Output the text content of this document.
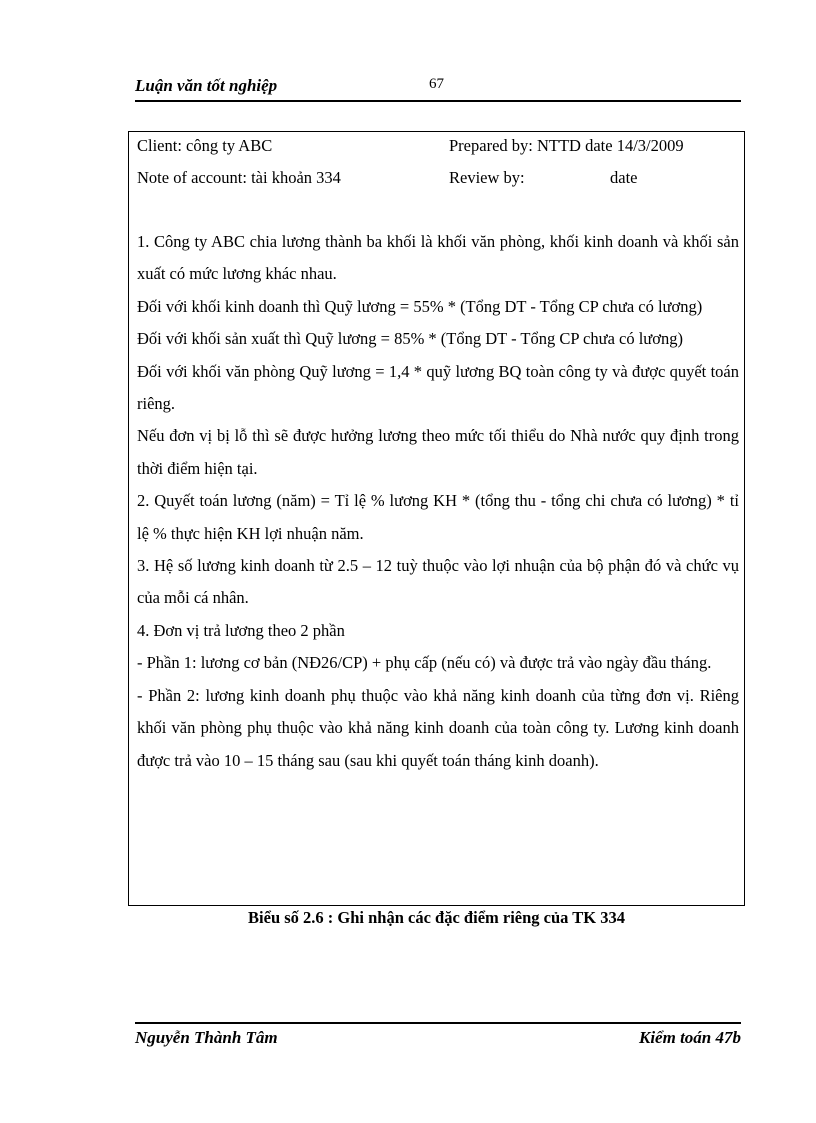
Luận văn tốt nghiệp	67
Client: công ty ABC	Prepared by: NTTD date 14/3/2009
Note of account: tài khoản 334	Review by:	date

1. Công ty ABC chia lương thành ba khối là khối văn phòng, khối kinh doanh và khối sản xuất có mức lương khác nhau.

Đối với khối kinh doanh thì Quỹ lương = 55% * (Tổng DT - Tổng CP chưa có lương)

Đối với khối sản xuất thì Quỹ lương = 85% * (Tổng DT - Tổng CP chưa có lương)

Đối với khối văn phòng Quỹ lương = 1,4 * quỹ lương BQ toàn công ty và được quyết toán riêng.

Nếu đơn vị bị lỗ thì sẽ được hưởng lương theo mức tối thiểu do Nhà nước quy định trong thời điểm hiện tại.

2. Quyết toán lương (năm) = Tỉ lệ % lương KH * (tổng thu - tổng chi chưa có lương) * tỉ lệ % thực hiện KH lợi nhuận năm.

3. Hệ số lương kinh doanh từ 2.5 – 12 tuỳ thuộc vào lợi nhuận của bộ phận đó và chức vụ của mỗi cá nhân.

4. Đơn vị trả lương theo 2 phần

- Phần 1: lương cơ bản (NĐ26/CP) + phụ cấp (nếu có) và được trả vào ngày đầu tháng.

- Phần 2: lương kinh doanh phụ thuộc vào khả năng kinh doanh của từng đơn vị. Riêng khối văn phòng phụ thuộc vào khả năng kinh doanh của toàn công ty. Lương kinh doanh được trả vào 10 – 15 tháng sau (sau khi quyết toán tháng kinh doanh).

Biểu số 2.6 : Ghi nhận các đặc điểm riêng của TK 334
Nguyễn Thành Tâm	Kiểm toán 47b
